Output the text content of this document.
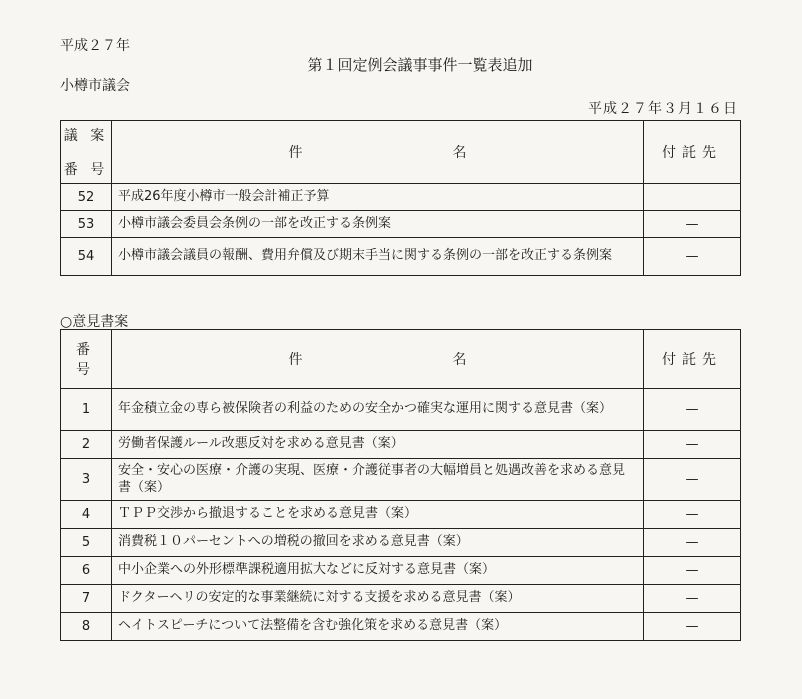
平成２７年
第１回定例会議事事件一覧表追加
小樽市議会
平成２７年３月１６日
議 案
番 号	件 名	付託先
52	平成26年度小樽市一般会計補正予算	
53	小樽市議会委員会条例の一部を改正する条例案	—
54	小樽市議会議員の報酬、費用弁償及び期末手当に関する条例の一部を改正する条例案	—
○意見書案
番 号	件 名	付託先
1	年金積立金の専ら被保険者の利益のための安全かつ確実な運用に関する意見書（案）	—
2	労働者保護ルール改悪反対を求める意見書（案）	—
3	安全・安心の医療・介護の実現、医療・介護従事者の大幅増員と処遇改善を求める意見書（案）	—
4	ＴＰＰ交渉から撤退することを求める意見書（案）	—
5	消費税１０パーセントへの増税の撤回を求める意見書（案）	—
6	中小企業への外形標準課税適用拡大などに反対する意見書（案）	—
7	ドクターヘリの安定的な事業継続に対する支援を求める意見書（案）	—
8	ヘイトスピーチについて法整備を含む強化策を求める意見書（案）	—
